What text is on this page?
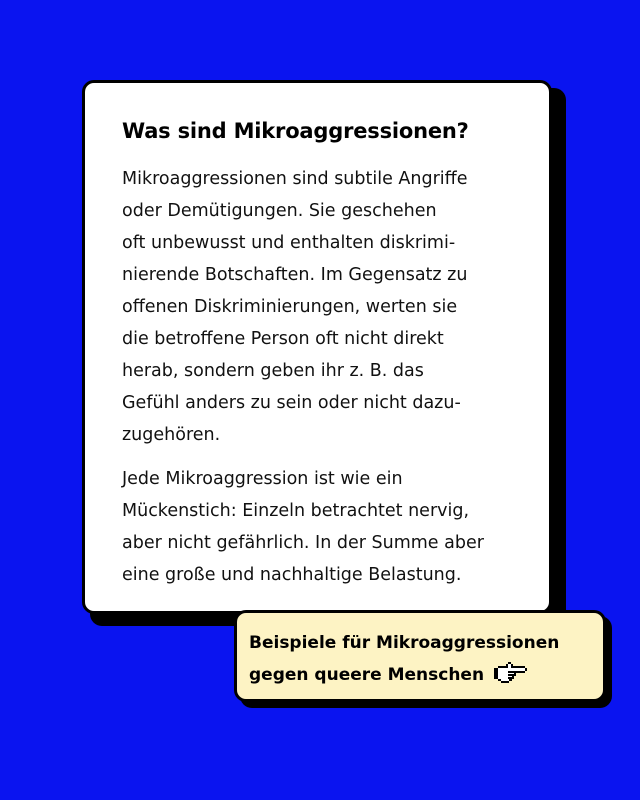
Was sind Mikroaggressionen?

Mikroaggressionen sind subtile Angriffe
oder Demütigungen. Sie geschehen
oft unbewusst und enthalten diskrimi-
nierende Botschaften. Im Gegensatz zu
offenen Diskriminierungen, werten sie
die betroffene Person oft nicht direkt
herab, sondern geben ihr z. B. das
Gefühl anders zu sein oder nicht dazu-
zugehören.

Jede Mikroaggression ist wie ein
Mückenstich: Einzeln betrachtet nervig,
aber nicht gefährlich. In der Summe aber
eine große und nachhaltige Belastung.

Beispiele für Mikroaggressionen
gegen queere Menschen
